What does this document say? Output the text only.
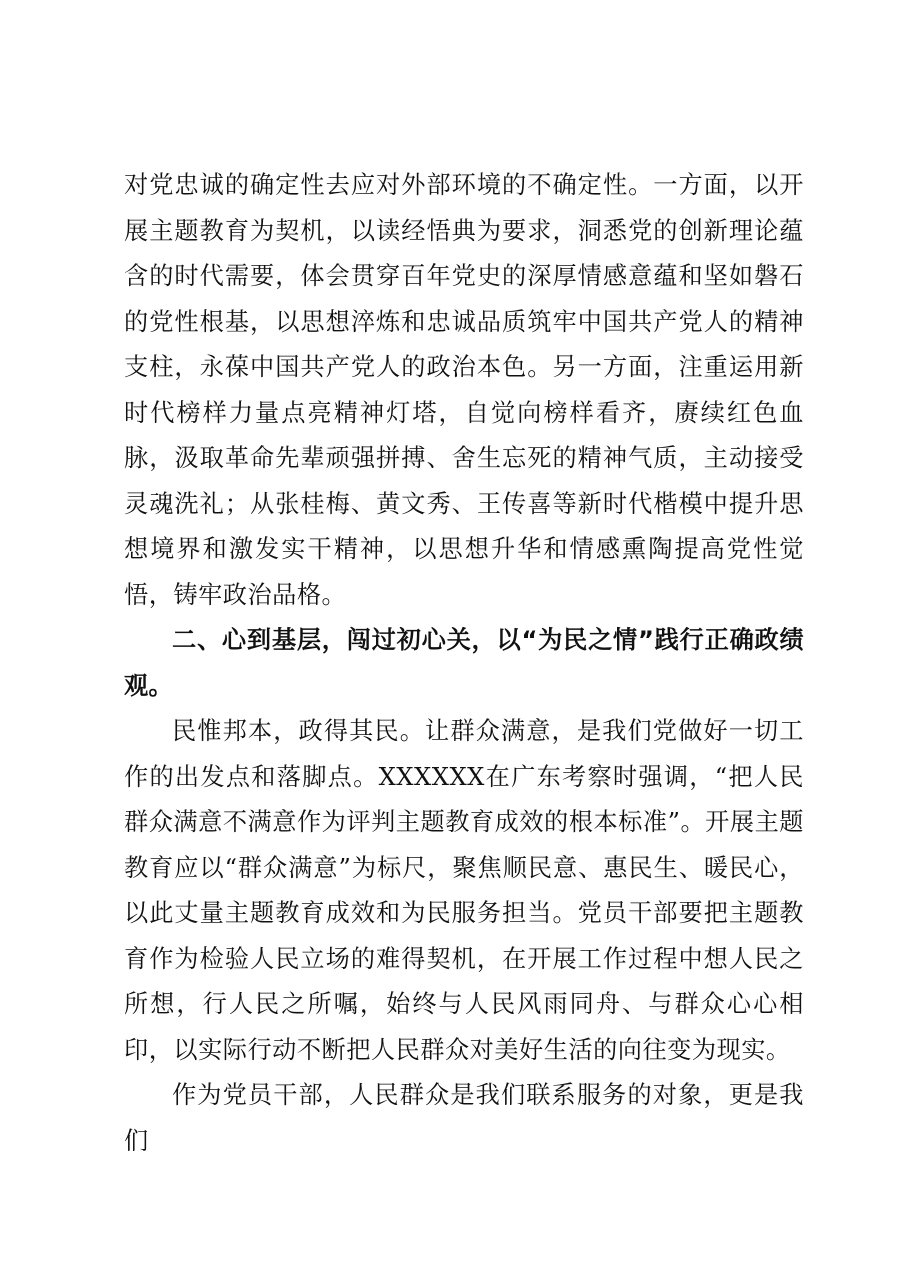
对党忠诚的确定性去应对外部环境的不确定性。一方面，以开展主题教育为契机，以读经悟典为要求，洞悉党的创新理论蕴含的时代需要，体会贯穿百年党史的深厚情感意蕴和坚如磐石的党性根基，以思想淬炼和忠诚品质筑牢中国共产党人的精神支柱，永葆中国共产党人的政治本色。另一方面，注重运用新时代榜样力量点亮精神灯塔，自觉向榜样看齐，赓续红色血脉，汲取革命先辈顽强拼搏、舍生忘死的精神气质，主动接受灵魂洗礼；从张桂梅、黄文秀、王传喜等新时代楷模中提升思想境界和激发实干精神，以思想升华和情感熏陶提高党性觉悟，铸牢政治品格。

二、心到基层，闯过初心关，以“为民之情”践行正确政绩观。

民惟邦本，政得其民。让群众满意，是我们党做好一切工作的出发点和落脚点。XXXXXX在广东考察时强调，“把人民群众满意不满意作为评判主题教育成效的根本标准”。开展主题教育应以“群众满意”为标尺，聚焦顺民意、惠民生、暖民心，以此丈量主题教育成效和为民服务担当。党员干部要把主题教育作为检验人民立场的难得契机，在开展工作过程中想人民之所想，行人民之所嘱，始终与人民风雨同舟、与群众心心相印，以实际行动不断把人民群众对美好生活的向往变为现实。

作为党员干部，人民群众是我们联系服务的对象，更是我们
